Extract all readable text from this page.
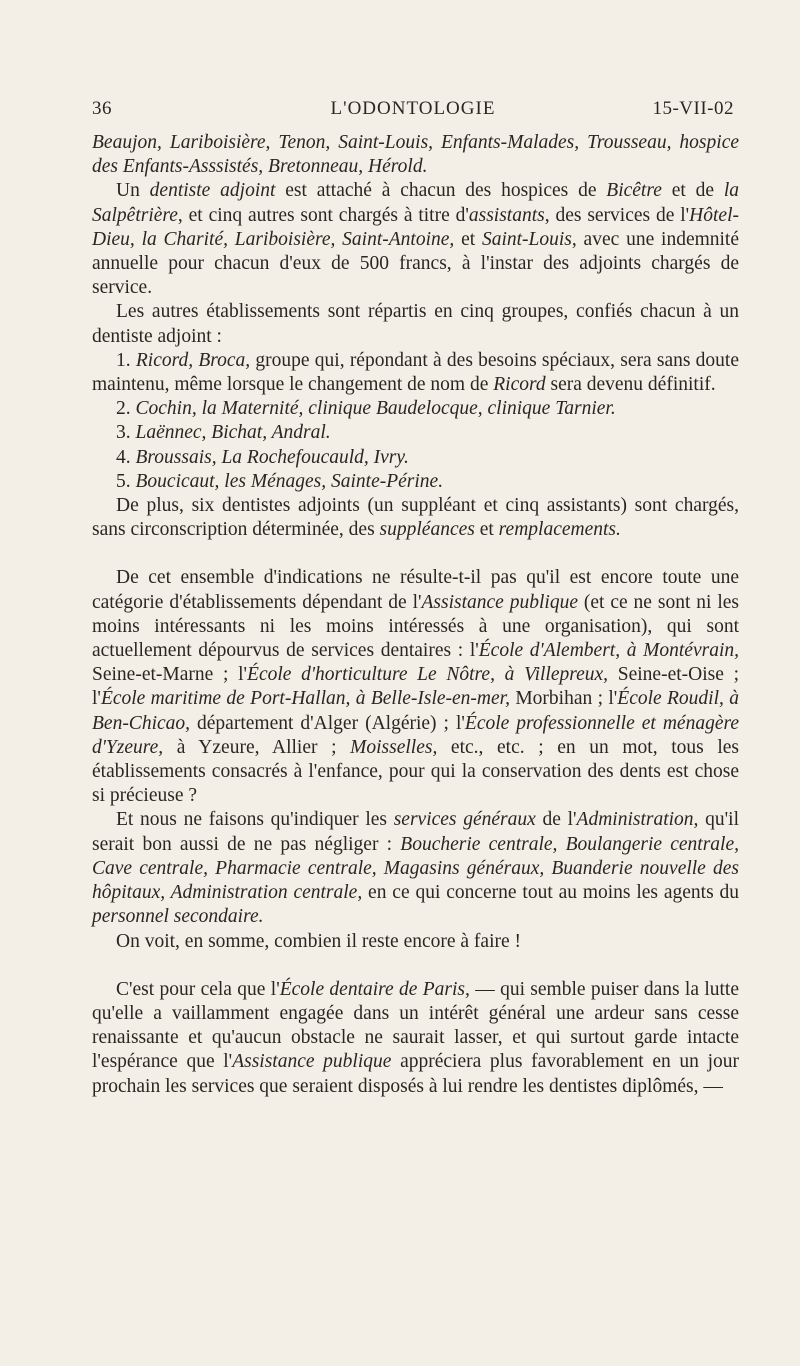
36	L'ODONTOLOGIE	15-VII-02

Beaujon, Lariboisière, Tenon, Saint-Louis, Enfants-Malades, Trousseau, hospice des Enfants-Asssistés, Bretonneau, Hérold.

Un dentiste adjoint est attaché à chacun des hospices de Bicêtre et de la Salpêtrière, et cinq autres sont chargés à titre d'assistants, des services de l'Hôtel-Dieu, la Charité, Lariboisière, Saint-Antoine, et Saint-Louis, avec une indemnité annuelle pour chacun d'eux de 500 francs, à l'instar des adjoints chargés de service.

Les autres établissements sont répartis en cinq groupes, confiés chacun à un dentiste adjoint :

1. Ricord, Broca, groupe qui, répondant à des besoins spéciaux, sera sans doute maintenu, même lorsque le changement de nom de Ricord sera devenu définitif.

2. Cochin, la Maternité, clinique Baudelocque, clinique Tarnier.

3. Laënnec, Bichat, Andral.

4. Broussais, La Rochefoucauld, Ivry.

5. Boucicaut, les Ménages, Sainte-Périne.

De plus, six dentistes adjoints (un suppléant et cinq assistants) sont chargés, sans circonscription déterminée, des suppléances et remplacements.

De cet ensemble d'indications ne résulte-t-il pas qu'il est encore toute une catégorie d'établissements dépendant de l'Assistance publique (et ce ne sont ni les moins intéressants ni les moins intéressés à une organisation), qui sont actuellement dépourvus de services dentaires : l'École d'Alembert, à Montévrain, Seine-et-Marne ; l'École d'horticulture Le Nôtre, à Villepreux, Seine-et-Oise ; l'École maritime de Port-Hallan, à Belle-Isle-en-mer, Morbihan ; l'École Roudil, à Ben-Chicao, département d'Alger (Algérie) ; l'École professionnelle et ménagère d'Yzeure, à Yzeure, Allier ; Moisselles, etc., etc. ; en un mot, tous les établissements consacrés à l'enfance, pour qui la conservation des dents est chose si précieuse ?

Et nous ne faisons qu'indiquer les services généraux de l'Administration, qu'il serait bon aussi de ne pas négliger : Boucherie centrale, Boulangerie centrale, Cave centrale, Pharmacie centrale, Magasins généraux, Buanderie nouvelle des hôpitaux, Administration centrale, en ce qui concerne tout au moins les agents du personnel secondaire.

On voit, en somme, combien il reste encore à faire !

C'est pour cela que l'École dentaire de Paris, — qui semble puiser dans la lutte qu'elle a vaillamment engagée dans un intérêt général une ardeur sans cesse renaissante et qu'aucun obstacle ne saurait lasser, et qui surtout garde intacte l'espérance que l'Assistance publique appréciera plus favorablement en un jour prochain les services que seraient disposés à lui rendre les dentistes diplômés, —
